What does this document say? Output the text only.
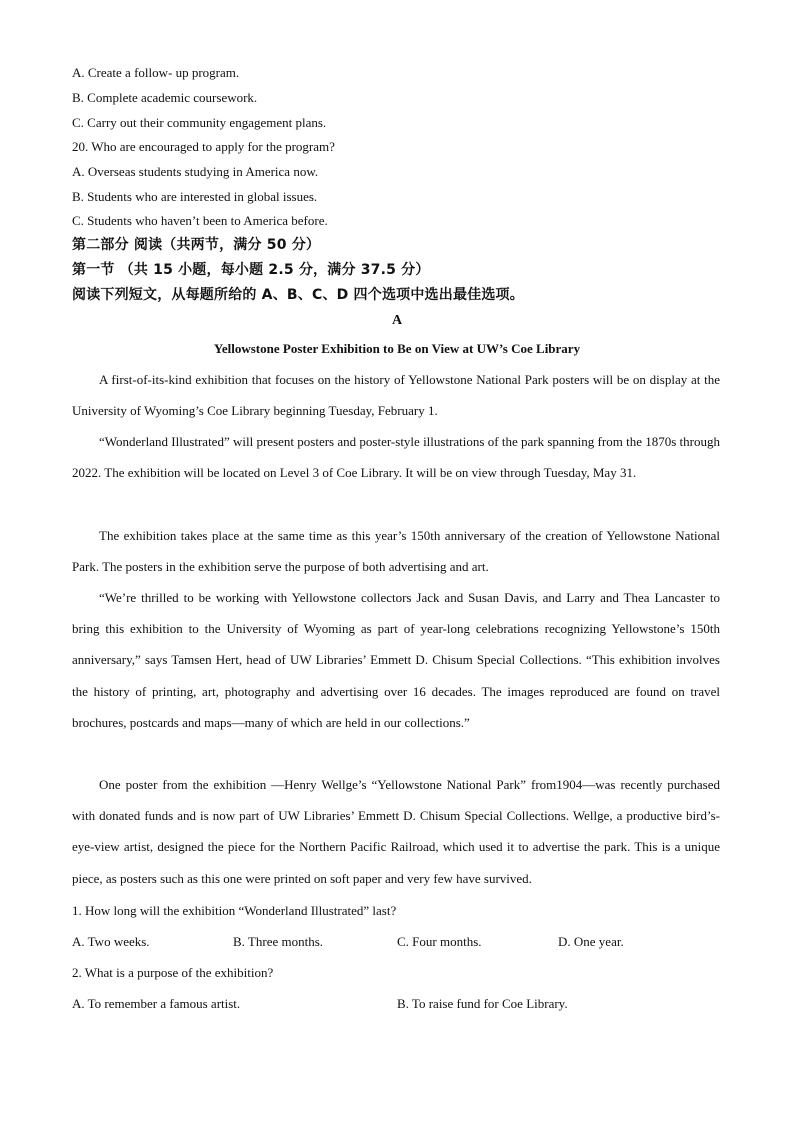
A. Create a follow- up program.
B. Complete academic coursework.
C. Carry out their community engagement plans.
20. Who are encouraged to apply for the program?
A. Overseas students studying in America now.
B. Students who are interested in global issues.
C. Students who haven’t been to America before.
第二部分 阅读（共两节，满分 50 分）
第一节 （共 15 小题，每小题 2.5 分，满分 37.5 分）
阅读下列短文，从每题所给的 A、B、C、D 四个选项中选出最佳选项。
A
Yellowstone Poster Exhibition to Be on View at UW’s Coe Library
A first-of-its-kind exhibition that focuses on the history of Yellowstone National Park posters will be on display at the University of Wyoming’s Coe Library beginning Tuesday, February 1.
“Wonderland Illustrated” will present posters and poster-style illustrations of the park spanning from the 1870s through 2022. The exhibition will be located on Level 3 of Coe Library. It will be on view through Tuesday, May 31.
The exhibition takes place at the same time as this year’s 150th anniversary of the creation of Yellowstone National Park. The posters in the exhibition serve the purpose of both advertising and art.
“We’re thrilled to be working with Yellowstone collectors Jack and Susan Davis, and Larry and Thea Lancaster to bring this exhibition to the University of Wyoming as part of year-long celebrations recognizing Yellowstone’s 150th anniversary,” says Tamsen Hert, head of UW Libraries’ Emmett D. Chisum Special Collections. “This exhibition involves the history of printing, art, photography and advertising over 16 decades. The images reproduced are found on travel brochures, postcards and maps—many of which are held in our collections.”
One poster from the exhibition —Henry Wellge’s “Yellowstone National Park” from1904—was recently purchased with donated funds and is now part of UW Libraries’ Emmett D. Chisum Special Collections. Wellge, a productive bird’s-eye-view artist, designed the piece for the Northern Pacific Railroad, which used it to advertise the park. This is a unique piece, as posters such as this one were printed on soft paper and very few have survived.
1. How long will the exhibition “Wonderland Illustrated” last?
A. Two weeks.	B. Three months.	C. Four months.	D. One year.
2. What is a purpose of the exhibition?
A. To remember a famous artist.	B. To raise fund for Coe Library.
